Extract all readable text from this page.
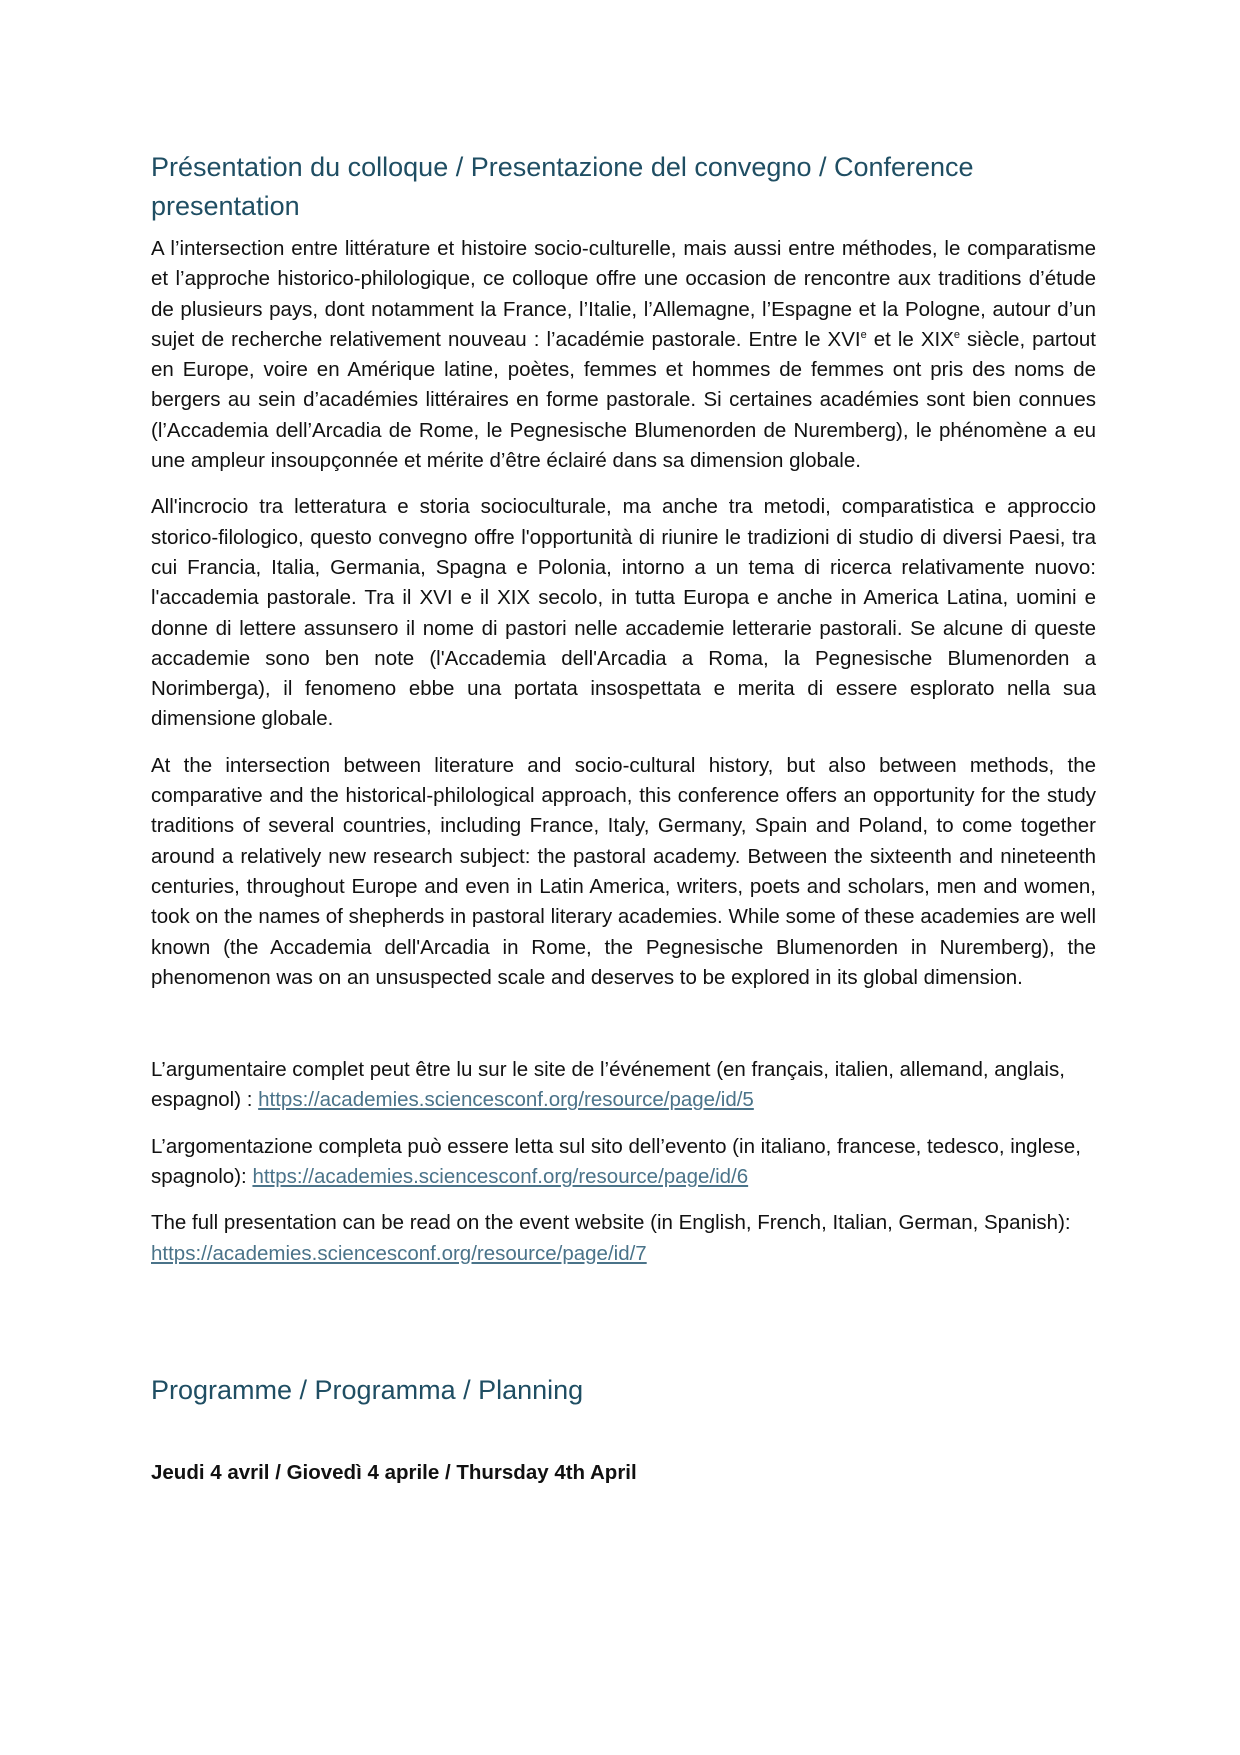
Présentation du colloque / Presentazione del convegno / Conference presentation

A l’intersection entre littérature et histoire socio-culturelle, mais aussi entre méthodes, le comparatisme et l’approche historico-philologique, ce colloque offre une occasion de rencontre aux traditions d’étude de plusieurs pays, dont notamment la France, l’Italie, l’Allemagne, l’Espagne et la Pologne, autour d’un sujet de recherche relativement nouveau : l’académie pastorale. Entre le XVIe et le XIXe siècle, partout en Europe, voire en Amérique latine, poètes, femmes et hommes de femmes ont pris des noms de bergers au sein d’académies littéraires en forme pastorale. Si certaines académies sont bien connues (l’Accademia dell’Arcadia de Rome, le Pegnesische Blumenorden de Nuremberg), le phénomène a eu une ampleur insoupçonnée et mérite d’être éclairé dans sa dimension globale.

All'incrocio tra letteratura e storia socioculturale, ma anche tra metodi, comparatistica e approccio storico-filologico, questo convegno offre l'opportunità di riunire le tradizioni di studio di diversi Paesi, tra cui Francia, Italia, Germania, Spagna e Polonia, intorno a un tema di ricerca relativamente nuovo: l'accademia pastorale. Tra il XVI e il XIX secolo, in tutta Europa e anche in America Latina, uomini e donne di lettere assunsero il nome di pastori nelle accademie letterarie pastorali. Se alcune di queste accademie sono ben note (l'Accademia dell'Arcadia a Roma, la Pegnesische Blumenorden a Norimberga), il fenomeno ebbe una portata insospettata e merita di essere esplorato nella sua dimensione globale.

At the intersection between literature and socio-cultural history, but also between methods, the comparative and the historical-philological approach, this conference offers an opportunity for the study traditions of several countries, including France, Italy, Germany, Spain and Poland, to come together around a relatively new research subject: the pastoral academy. Between the sixteenth and nineteenth centuries, throughout Europe and even in Latin America, writers, poets and scholars, men and women, took on the names of shepherds in pastoral literary academies. While some of these academies are well known (the Accademia dell'Arcadia in Rome, the Pegnesische Blumenorden in Nuremberg), the phenomenon was on an unsuspected scale and deserves to be explored in its global dimension.

L’argumentaire complet peut être lu sur le site de l’événement (en français, italien, allemand, anglais, espagnol) : https://academies.sciencesconf.org/resource/page/id/5

L’argomentazione completa può essere letta sul sito dell’evento (in italiano, francese, tedesco, inglese, spagnolo): https://academies.sciencesconf.org/resource/page/id/6

The full presentation can be read on the event website (in English, French, Italian, German, Spanish): https://academies.sciencesconf.org/resource/page/id/7

Programme / Programma / Planning

Jeudi 4 avril / Giovedì 4 aprile / Thursday 4th April
